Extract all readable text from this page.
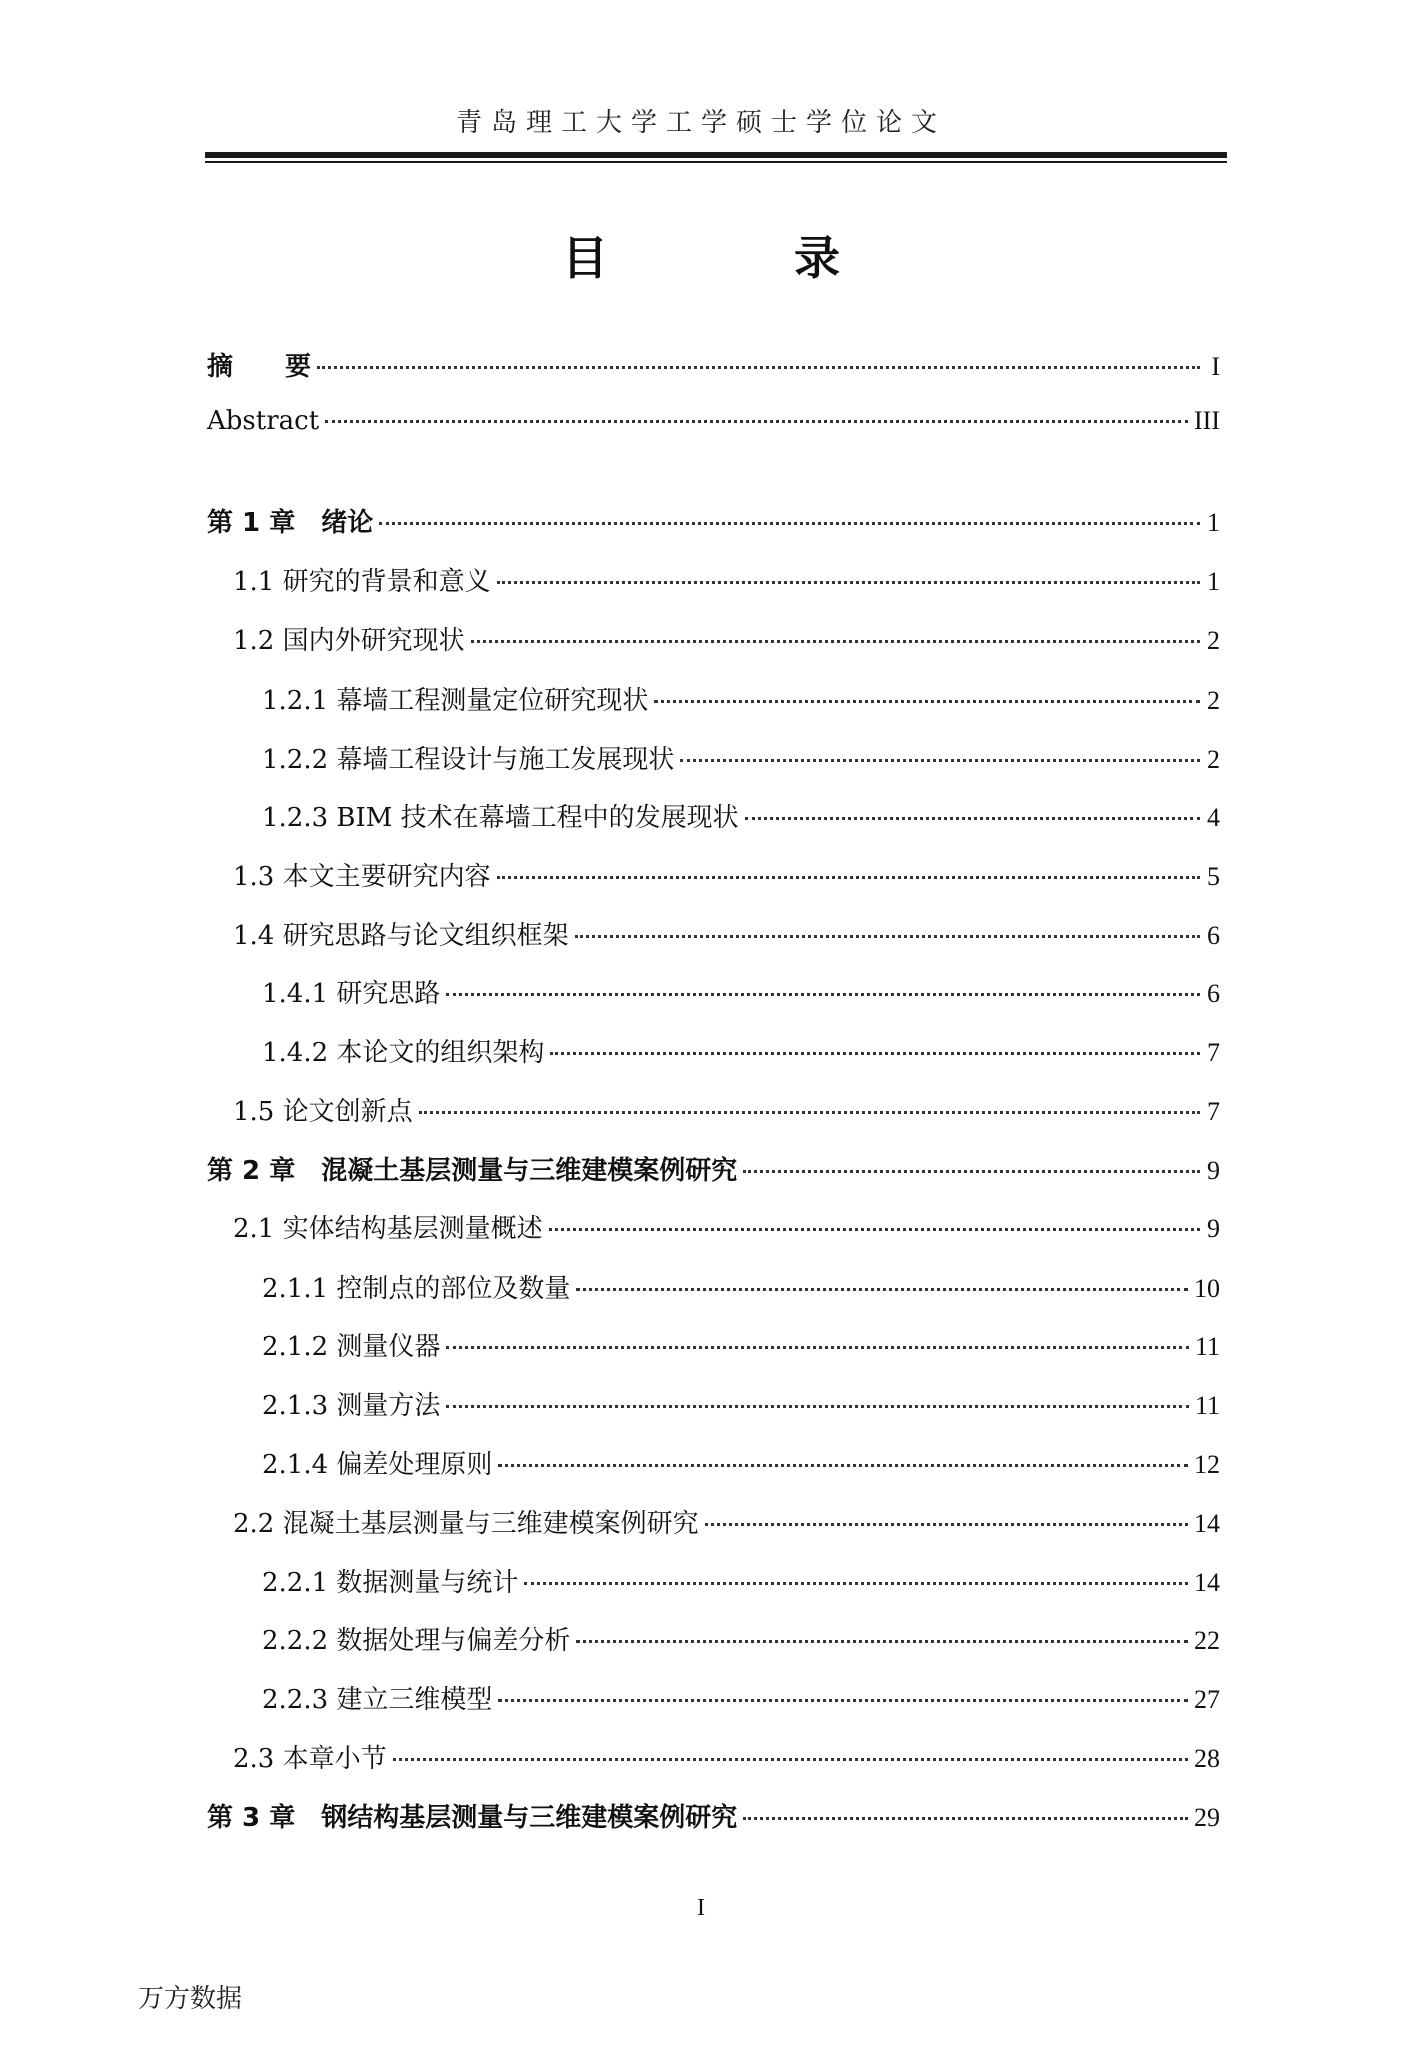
青岛理工大学工学硕士学位论文
目　录
摘　　要	I
Abstract	III
第 1 章　绪论	1
1.1 研究的背景和意义	1
1.2 国内外研究现状	2
1.2.1 幕墙工程测量定位研究现状	2
1.2.2 幕墙工程设计与施工发展现状	2
1.2.3 BIM 技术在幕墙工程中的发展现状	4
1.3 本文主要研究内容	5
1.4 研究思路与论文组织框架	6
1.4.1 研究思路	6
1.4.2 本论文的组织架构	7
1.5 论文创新点	7
第 2 章　混凝土基层测量与三维建模案例研究	9
2.1 实体结构基层测量概述	9
2.1.1 控制点的部位及数量	10
2.1.2 测量仪器	11
2.1.3 测量方法	11
2.1.4 偏差处理原则	12
2.2 混凝土基层测量与三维建模案例研究	14
2.2.1 数据测量与统计	14
2.2.2 数据处理与偏差分析	22
2.2.3 建立三维模型	27
2.3 本章小节	28
第 3 章　钢结构基层测量与三维建模案例研究	29
I
万方数据
